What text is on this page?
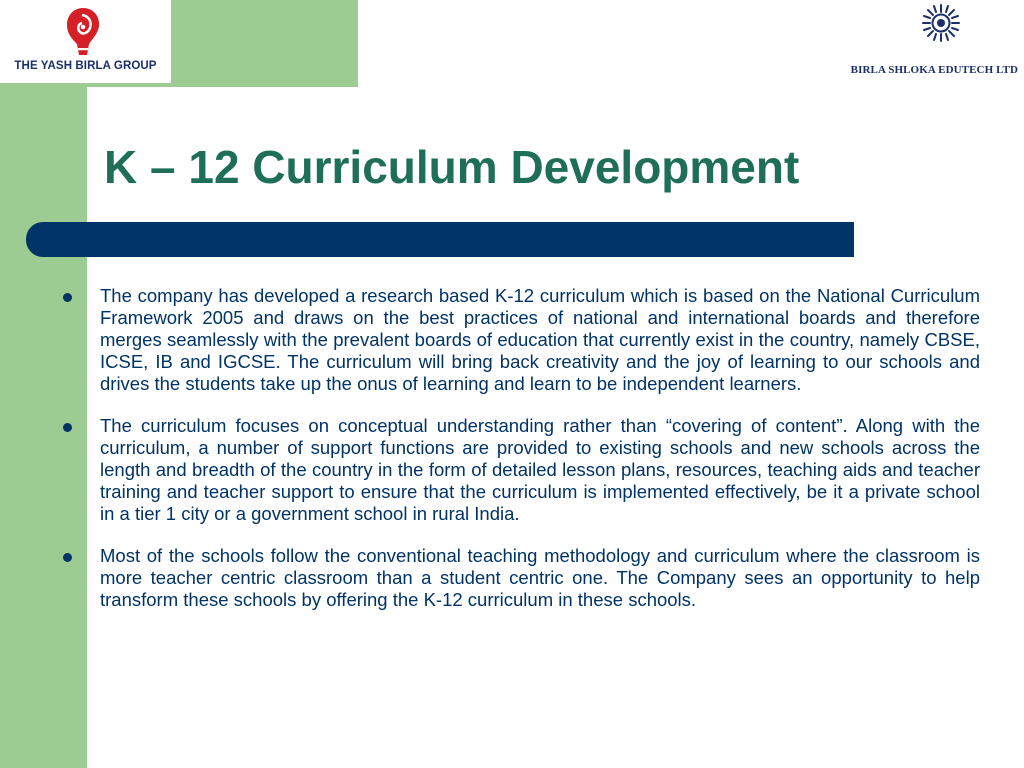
THE YASH BIRLA GROUP	BIRLA SHLOKA EDUTECH LTD
K – 12 Curriculum Development
The company has developed a research based K-12 curriculum which is based on the National Curriculum Framework 2005 and draws on the best practices of national and international boards and therefore merges seamlessly with the prevalent boards of education that currently exist in the country, namely CBSE, ICSE, IB and IGCSE. The curriculum will bring back creativity and the joy of learning to our schools and drives the students take up the onus of learning and learn to be independent learners.
The curriculum focuses on conceptual understanding rather than “covering of content”. Along with the curriculum, a number of support functions are provided to existing schools and new schools across the length and breadth of the country in the form of detailed lesson plans, resources, teaching aids and teacher training and teacher support to ensure that the curriculum is implemented effectively, be it a private school in a tier 1 city or a government school in rural India.
Most of the schools follow the conventional teaching methodology and curriculum where the classroom is more teacher centric classroom than a student centric one. The Company sees an opportunity to help transform these schools by offering the K-12 curriculum in these schools.
